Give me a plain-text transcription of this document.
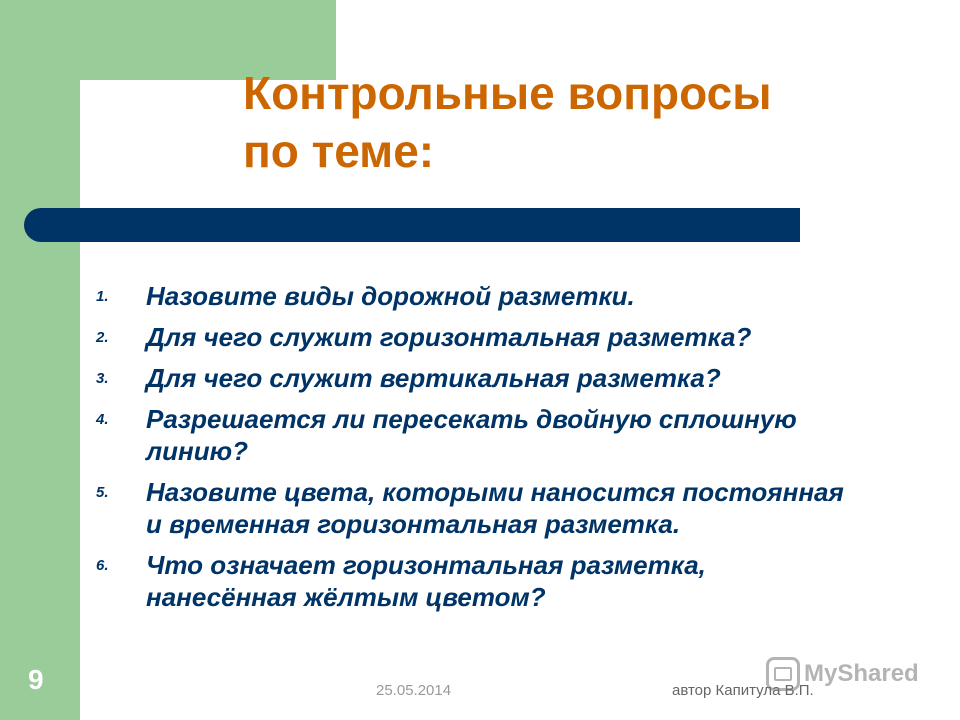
Контрольные вопросы
по теме:
1.	Назовите виды дорожной разметки.
2.	Для чего служит горизонтальная разметка?
3.	Для чего служит вертикальная разметка?
4.	Разрешается ли пересекать двойную сплошную линию?
5.	Назовите цвета, которыми наносится постоянная и временная горизонтальная разметка.
6.	Что означает горизонтальная разметка, нанесённая жёлтым цветом?
9	25.05.2014	автор Капитула В.П.
MyShared
